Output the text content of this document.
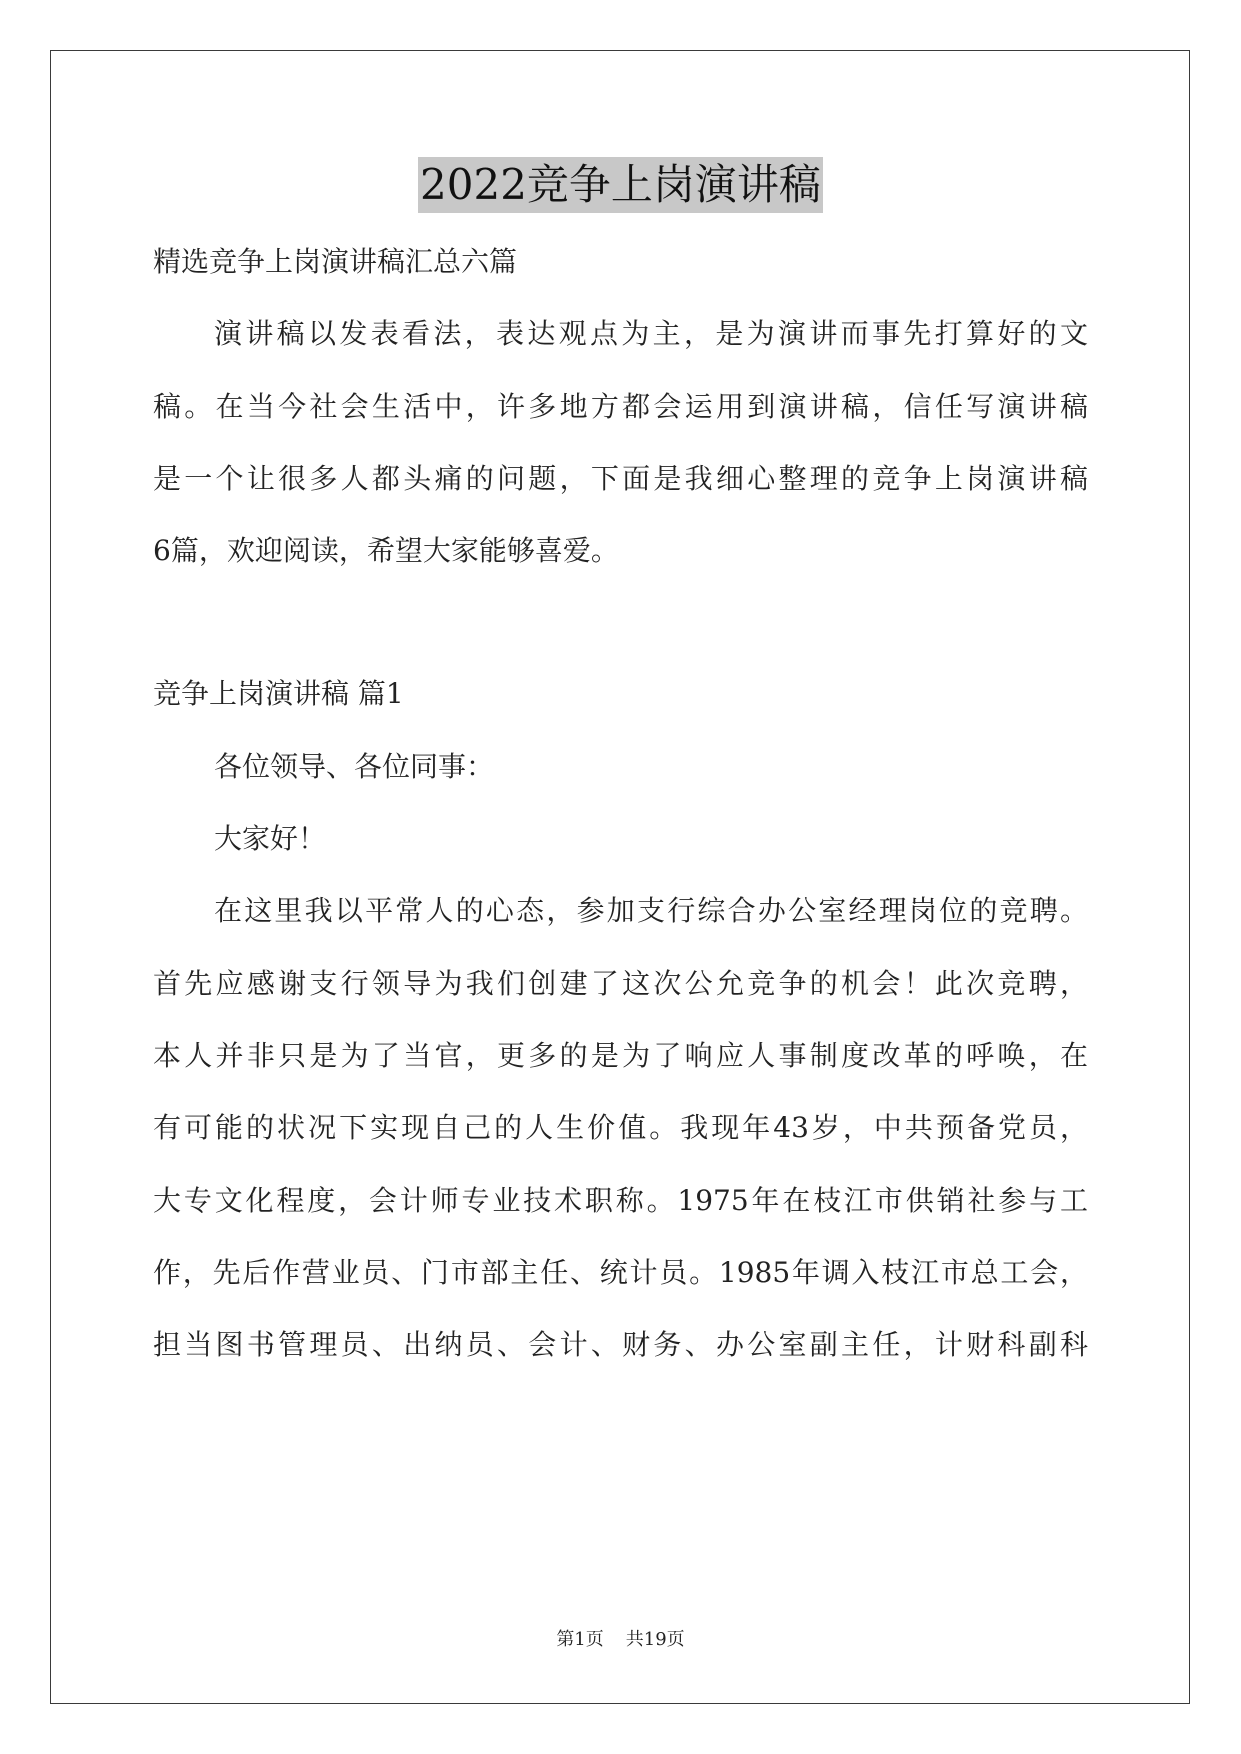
2022竞争上岗演讲稿
精选竞争上岗演讲稿汇总六篇
演讲稿以发表看法，表达观点为主，是为演讲而事先打算好的文
稿。在当今社会生活中，许多地方都会运用到演讲稿，信任写演讲稿
是一个让很多人都头痛的问题，下面是我细心整理的竞争上岗演讲稿
6篇，欢迎阅读，希望大家能够喜爱。
竞争上岗演讲稿 篇1
各位领导、各位同事：
大家好！
在这里我以平常人的心态，参加支行综合办公室经理岗位的竞聘。
首先应感谢支行领导为我们创建了这次公允竞争的机会！此次竞聘，
本人并非只是为了当官，更多的是为了响应人事制度改革的呼唤，在
有可能的状况下实现自己的人生价值。我现年43岁，中共预备党员，
大专文化程度，会计师专业技术职称。1975年在枝江市供销社参与工
作，先后作营业员、门市部主任、统计员。1985年调入枝江市总工会，
担当图书管理员、出纳员、会计、财务、办公室副主任，计财科副科
第1页 共19页
